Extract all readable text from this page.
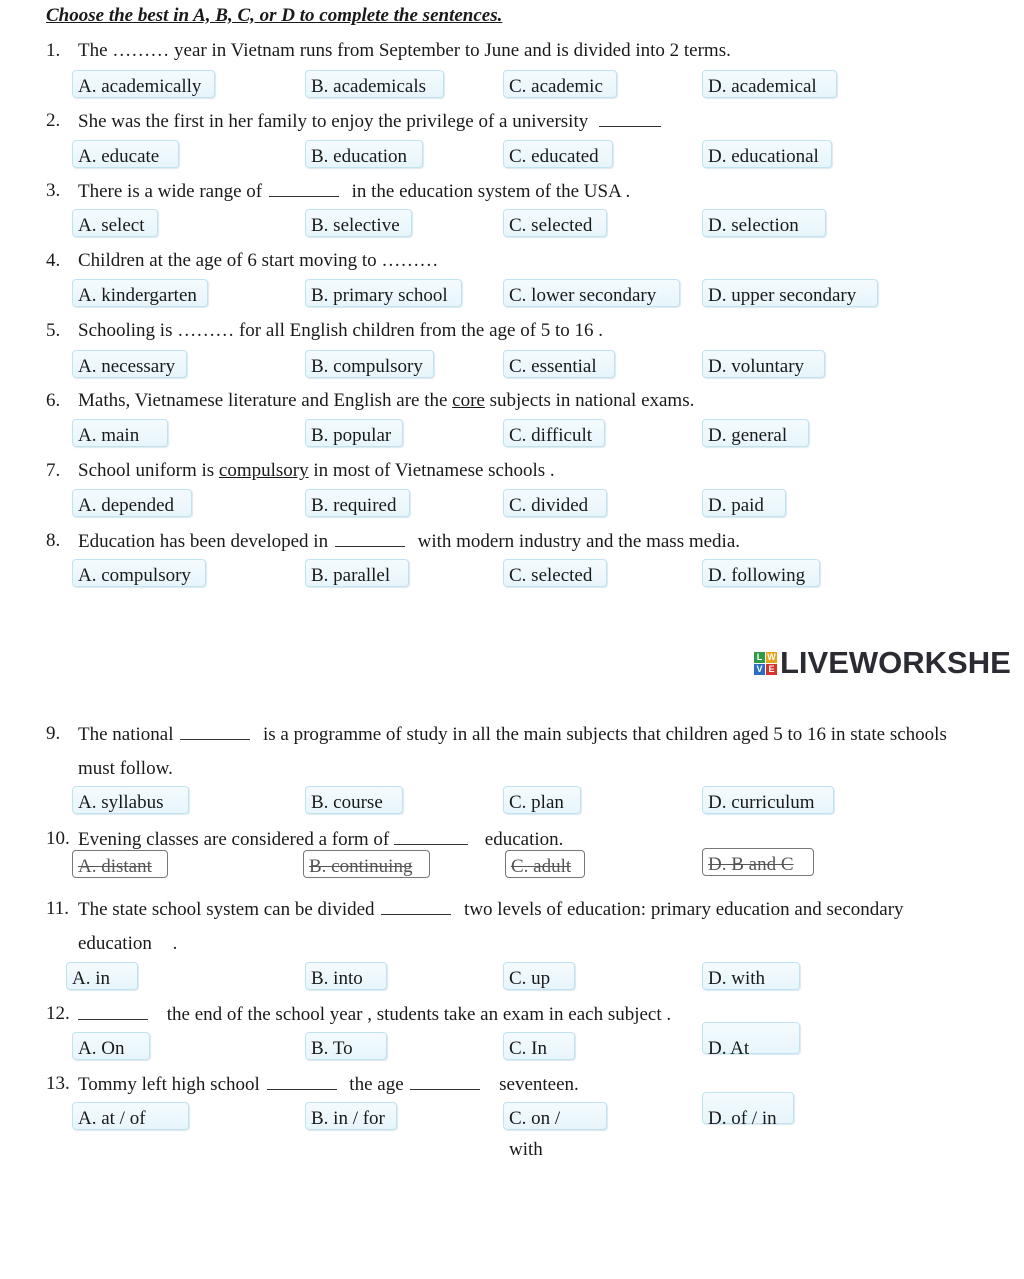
Choose the best in A, B, C, or D to complete the sentences.
1. The ……… year in Vietnam runs from September to June and is divided into 2 terms.
A. academically	B. academicals	C. academic	D. academical
2. She was the first in her family to enjoy the privilege of a university
A. educate	B. education	C. educated	D. educational
3. There is a wide range of	in the education system of the USA .
A. select	B. selective	C. selected	D. selection
4. Children at the age of 6 start moving to ………
A. kindergarten	B. primary school	C. lower secondary	D. upper secondary
5. Schooling is ……… for all English children from the age of 5 to 16 .
A. necessary	B. compulsory	C. essential	D. voluntary
6. Maths, Vietnamese literature and English are the core subjects in national exams.
A. main	B. popular	C. difficult	D. general
7. School uniform is compulsory in most of Vietnamese schools .
A. depended	B. required	C. divided	D. paid
8. Education has been developed in	with modern industry and the mass media.
A. compulsory	B. parallel	C. selected	D. following
L W
V E LIVEWORKSHE
9. The national	is a programme of study in all the main subjects that children aged 5 to 16 in state schools
must follow.
A. syllabus	B. course	C. plan	D. curriculum
10. Evening classes are considered a form of	education.
A. distant	B. continuing	C. adult	D. B and C
11. The state school system can be divided	two levels of education: primary education and secondary
education .
A. in	B. into	C. up	D. with
12.	the end of the school year , students take an exam in each subject .
A. On	B. To	C. In	D. At
13. Tommy left high school	the age	seventeen.
A. at / of	B. in / for	C. on / with
D. of / in
